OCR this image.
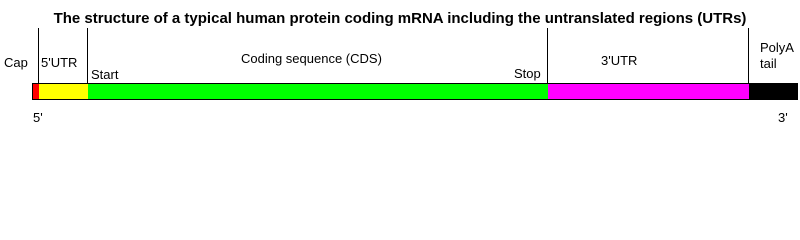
The structure of a typical human protein coding mRNA including the untranslated regions (UTRs)
Cap 5'UTR
Start
Coding sequence (CDS)
Stop
3'UTR
PolyA
tail
5'	3'
